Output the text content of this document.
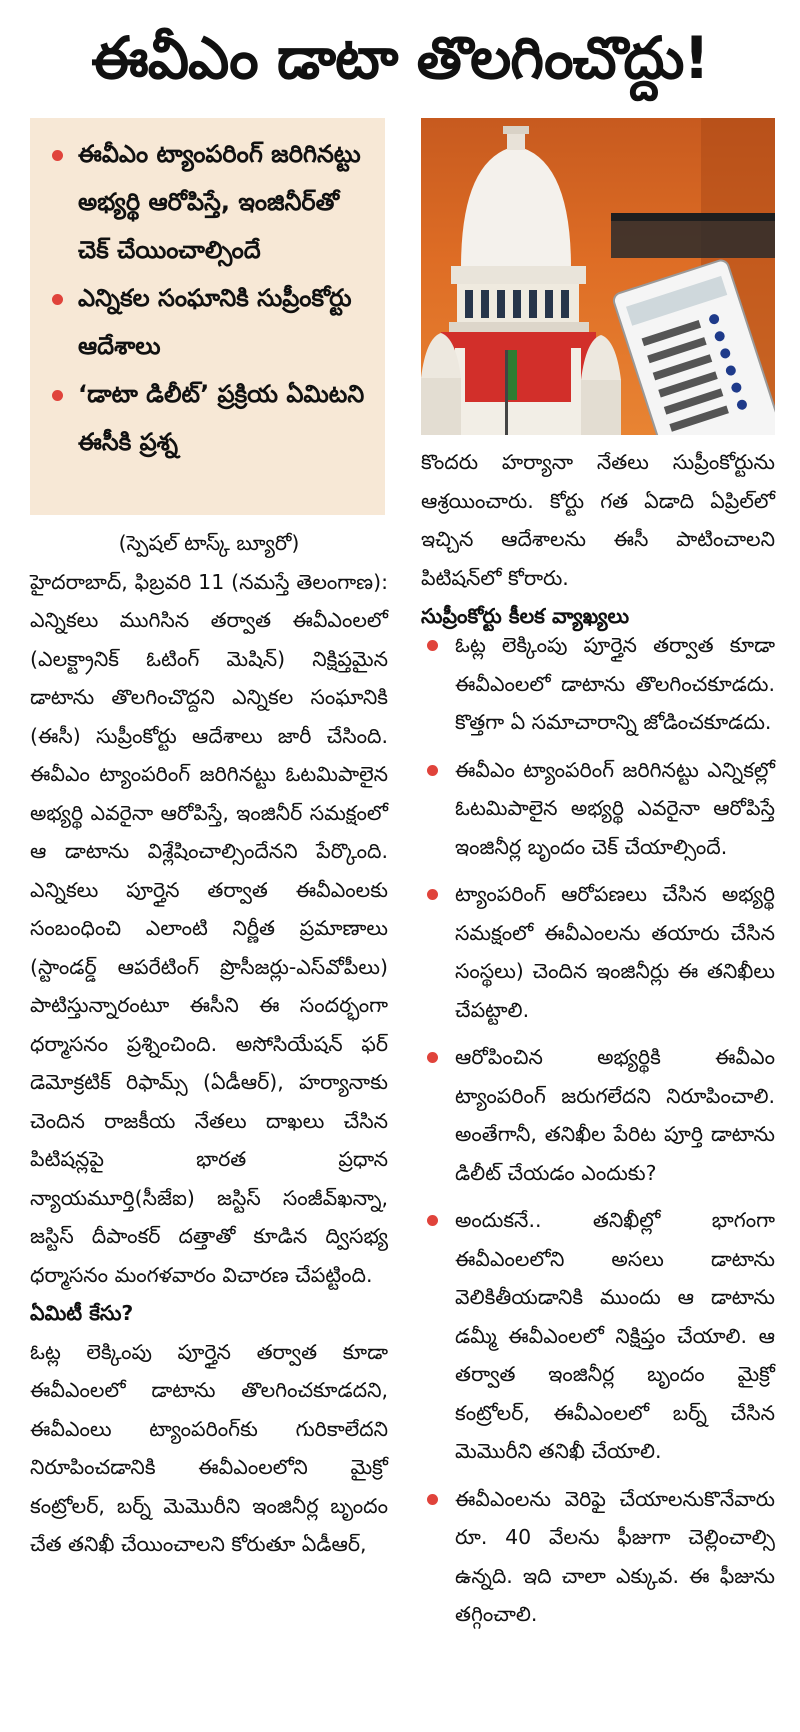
ఈవీఎం డాటా తొలగించొద్దు!
ఈవీఎం ట్యాంపరింగ్ జరిగినట్టు అభ్యర్థి ఆరోపిస్తే, ఇంజినీర్‌తో చెక్ చేయించాల్సిందే
ఎన్నికల సంఘానికి సుప్రీంకోర్టు ఆదేశాలు
‘డాటా డిలీట్’ ప్రక్రియ ఏమిటని ఈసీకి ప్రశ్న

(స్పెషల్ టాస్క్ బ్యూరో)

హైదరాబాద్, ఫిబ్రవరి 11 (నమస్తే తెలంగాణ): ఎన్నికలు ముగిసిన తర్వాత ఈవీఎంలలో (ఎలక్ట్రానిక్ ఓటింగ్ మెషిన్) నిక్షిప్తమైన డాటాను తొలగించొద్దని ఎన్నికల సంఘానికి (ఈసీ) సుప్రీంకోర్టు ఆదేశాలు జారీ చేసింది. ఈవీఎం ట్యాంపరింగ్ జరిగినట్టు ఓటమిపాలైన అభ్యర్థి ఎవరైనా ఆరోపిస్తే, ఇంజినీర్ సమక్షంలో ఆ డాటాను విశ్లేషించాల్సిందేనని పేర్కొంది. ఎన్నికలు పూర్తైన తర్వాత ఈవీఎంలకు సంబంధించి ఎలాంటి నిర్ణీత ప్రమాణాలు (స్టాండర్డ్ ఆపరేటింగ్ ప్రొసీజర్లు-ఎస్‌వోపీలు) పాటిస్తున్నారంటూ ఈసీని ఈ సందర్భంగా ధర్మాసనం ప్రశ్నించింది. అసోసియేషన్ ఫర్ డెమోక్రటిక్ రిఫామ్స్ (ఏడీఆర్), హర్యానాకు చెందిన రాజకీయ నేతలు దాఖలు చేసిన పిటిషన్లపై భారత ప్రధాన న్యాయమూర్తి(సీజేఐ) జస్టిస్ సంజీవ్‌ఖన్నా, జస్టిస్ దీపాంకర్ దత్తాతో కూడిన ద్విసభ్య ధర్మాసనం మంగళవారం విచారణ చేపట్టింది.

ఏమిటీ కేసు?

ఓట్ల లెక్కింపు పూర్తైన తర్వాత కూడా ఈవీఎంలలో డాటాను తొలగించకూడదని, ఈవీఎంలు ట్యాంపరింగ్‌కు గురికాలేదని నిరూపించడానికి ఈవీఎంలలోని మైక్రో కంట్రోలర్, బర్న్ మెమొరీని ఇంజినీర్ల బృందం చేత తనిఖీ చేయించాలని కోరుతూ ఏడీఆర్,

కొందరు హర్యానా నేతలు సుప్రీంకోర్టును ఆశ్రయించారు. కోర్టు గత ఏడాది ఏప్రిల్‌లో ఇచ్చిన ఆదేశాలను ఈసీ పాటించాలని పిటిషన్‌లో కోరారు.

సుప్రీంకోర్టు కీలక వ్యాఖ్యలు

ఓట్ల లెక్కింపు పూర్తైన తర్వాత కూడా ఈవీఎంలలో డాటాను తొలగించకూడదు. కొత్తగా ఏ సమాచారాన్ని జోడించకూడదు.
ఈవీఎం ట్యాంపరింగ్ జరిగినట్టు ఎన్నికల్లో ఓటమిపాలైన అభ్యర్థి ఎవరైనా ఆరోపిస్తే ఇంజినీర్ల బృందం చెక్ చేయాల్సిందే.
ట్యాంపరింగ్ ఆరోపణలు చేసిన అభ్యర్థి సమక్షంలో ఈవీఎంలను తయారు చేసిన సంస్థలు) చెందిన ఇంజినీర్లు ఈ తనిఖీలు చేపట్టాలి.
ఆరోపించిన అభ్యర్థికి ఈవీఎం ట్యాంపరింగ్ జరుగలేదని నిరూపించాలి. అంతేగానీ, తనిఖీల పేరిట పూర్తి డాటాను డిలీట్ చేయడం ఎందుకు?
అందుకనే.. తనిఖీల్లో భాగంగా ఈవీఎంలలోని అసలు డాటాను వెలికితీయడానికి ముందు ఆ డాటాను డమ్మీ ఈవీఎంలలో నిక్షిప్తం చేయాలి. ఆ తర్వాత ఇంజినీర్ల బృందం మైక్రో కంట్రోలర్, ఈవీఎంలలో బర్న్ చేసిన మెమొరీని తనిఖీ చేయాలి.
ఈవీఎంలను వెరిఫై చేయాలనుకొనేవారు రూ. 40 వేలను ఫీజుగా చెల్లించాల్సి ఉన్నది. ఇది చాలా ఎక్కువ. ఈ ఫీజును తగ్గించాలి.
